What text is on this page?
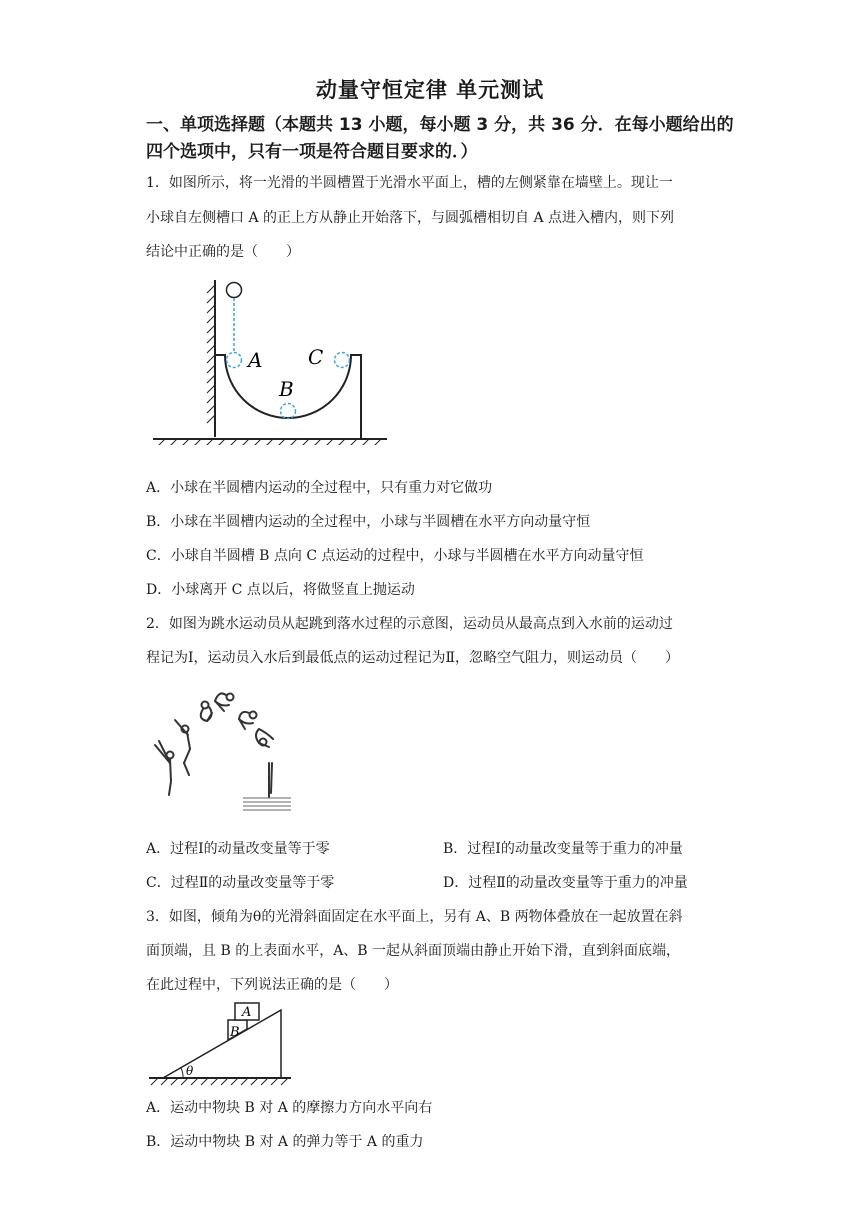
动量守恒定律 单元测试
一、单项选择题（本题共 13 小题，每小题 3 分，共 36 分．在每小题给出的
四个选项中，只有一项是符合题目要求的．）
1．如图所示，将一光滑的半圆槽置于光滑水平面上，槽的左侧紧靠在墙壁上。现让一
小球自左侧槽口 A 的正上方从静止开始落下，与圆弧槽相切自 A 点进入槽内，则下列
结论中正确的是（　　）
A
B
C
A．小球在半圆槽内运动的全过程中，只有重力对它做功
B．小球在半圆槽内运动的全过程中，小球与半圆槽在水平方向动量守恒
C．小球自半圆槽 B 点向 C 点运动的过程中，小球与半圆槽在水平方向动量守恒
D．小球离开 C 点以后，将做竖直上抛运动
2．如图为跳水运动员从起跳到落水过程的示意图，运动员从最高点到入水前的运动过
程记为Ⅰ，运动员入水后到最低点的运动过程记为Ⅱ，忽略空气阻力，则运动员（　　）
A．过程Ⅰ的动量改变量等于零	B．过程Ⅰ的动量改变量等于重力的冲量
C．过程Ⅱ的动量改变量等于零	D．过程Ⅱ的动量改变量等于重力的冲量
3．如图，倾角为θ的光滑斜面固定在水平面上，另有 A、B 两物体叠放在一起放置在斜
面顶端，且 B 的上表面水平，A、B 一起从斜面顶端由静止开始下滑，直到斜面底端，
在此过程中，下列说法正确的是（　　）
θ
B
A
A．运动中物块 B 对 A 的摩擦力方向水平向右
B．运动中物块 B 对 A 的弹力等于 A 的重力
